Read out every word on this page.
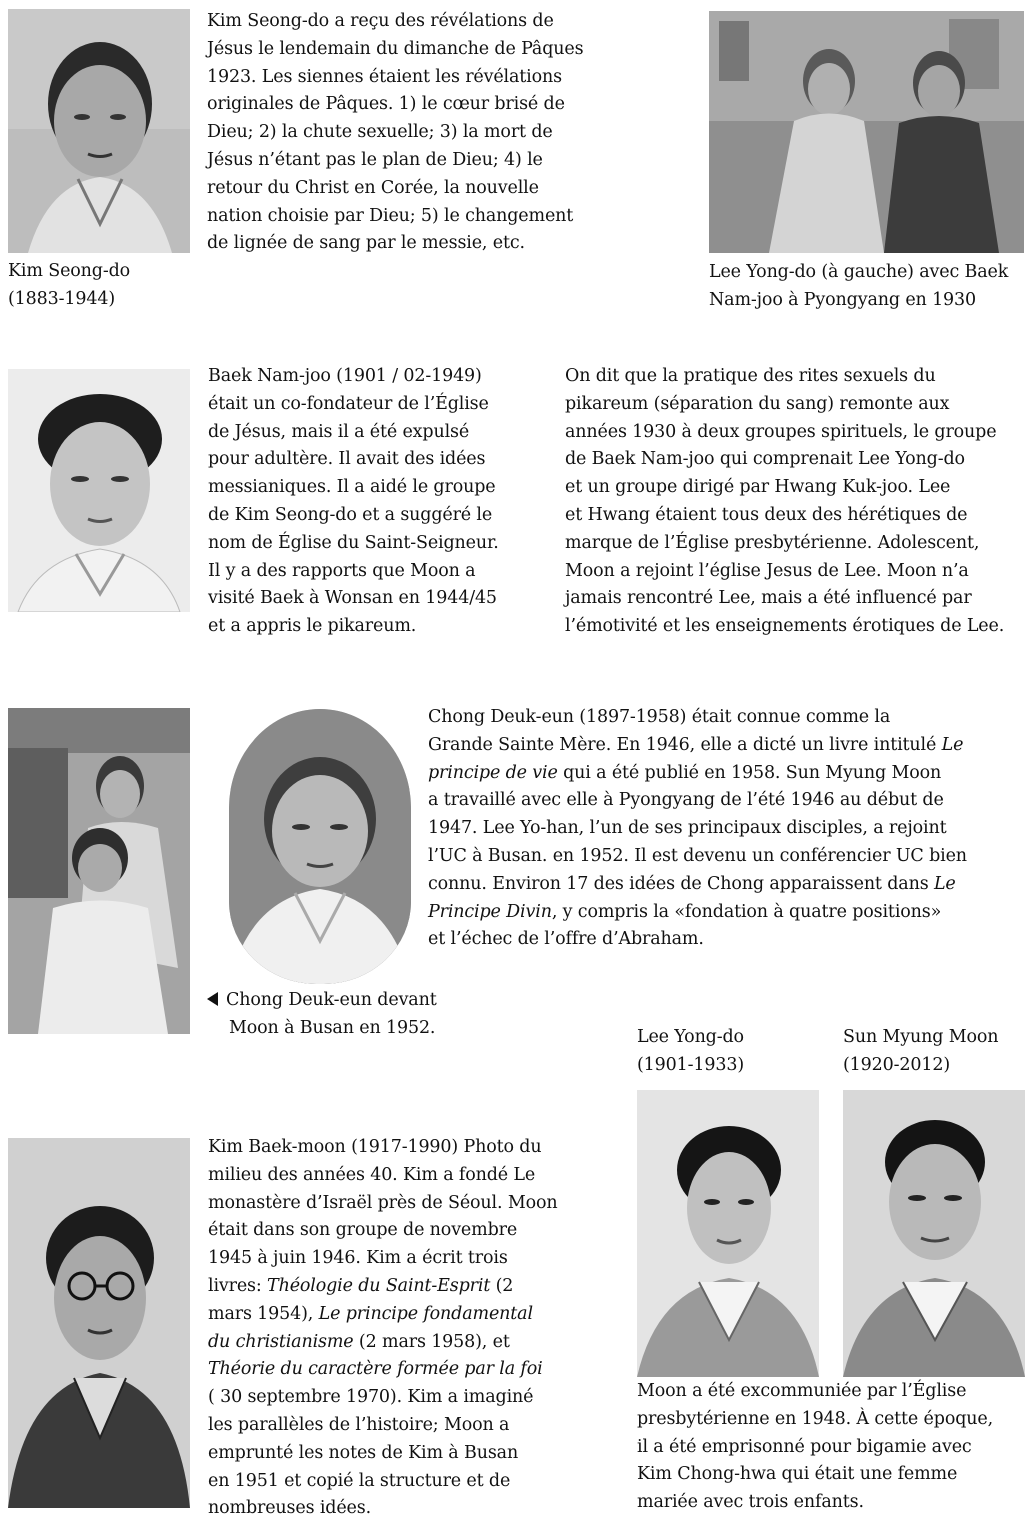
Kim Seong-do a reçu des révélations de
Jésus le lendemain du dimanche de Pâques
1923. Les siennes étaient les révélations
originales de Pâques. 1) le cœur brisé de
Dieu; 2) la chute sexuelle; 3) la mort de
Jésus n’étant pas le plan de Dieu; 4) le
retour du Christ en Corée, la nouvelle
nation choisie par Dieu; 5) le changement
de lignée de sang par le messie, etc.
Kim Seong-do
(1883-1944)
Lee Yong-do (à gauche) avec Baek
Nam-joo à Pyongyang en 1930
Baek Nam-joo (1901 / 02-1949)
était un co-fondateur de l’Église
de Jésus, mais il a été expulsé
pour adultère. Il avait des idées
messianiques. Il a aidé le groupe
de Kim Seong-do et a suggéré le
nom de Église du Saint-Seigneur.
Il y a des rapports que Moon a
visité Baek à Wonsan en 1944/45
et a appris le pikareum.
On dit que la pratique des rites sexuels du
pikareum (séparation du sang) remonte aux
années 1930 à deux groupes spirituels, le groupe
de Baek Nam-joo qui comprenait Lee Yong-do
et un groupe dirigé par Hwang Kuk-joo. Lee
et Hwang étaient tous deux des hérétiques de
marque de l’Église presbytérienne. Adolescent,
Moon a rejoint l’église Jesus de Lee. Moon n’a
jamais rencontré Lee, mais a été influencé par
l’émotivité et les enseignements érotiques de Lee.
Chong Deuk-eun (1897-1958) était connue comme la
Grande Sainte Mère. En 1946, elle a dicté un livre intitulé Le
principe de vie qui a été publié en 1958. Sun Myung Moon
a travaillé avec elle à Pyongyang de l’été 1946 au début de
1947. Lee Yo-han, l’un de ses principaux disciples, a rejoint
l’UC à Busan. en 1952. Il est devenu un conférencier UC bien
connu. Environ 17 des idées de Chong apparaissent dans Le
Principe Divin, y compris la «fondation à quatre positions»
et l’échec de l’offre d’Abraham.
Chong Deuk-eun devant
Moon à Busan en 1952.	Lee Yong-do
(1901-1933)
Sun Myung Moon
(1920-2012)
Moon a été excommuniée par l’Église
presbytérienne en 1948. À cette époque,
il a été emprisonné pour bigamie avec
Kim Chong-hwa qui était une femme
mariée avec trois enfants.
Kim Baek-moon (1917-1990) Photo du
milieu des années 40. Kim a fondé Le
monastère d’Israël près de Séoul. Moon
était dans son groupe de novembre
1945 à juin 1946. Kim a écrit trois
livres: Théologie du Saint-Esprit (2
mars 1954), Le principe fondamental
du christianisme (2 mars 1958), et
Théorie du caractère formée par la foi
( 30 septembre 1970). Kim a imaginé
les parallèles de l’histoire; Moon a
emprunté les notes de Kim à Busan
en 1951 et copié la structure et de
nombreuses idées.
